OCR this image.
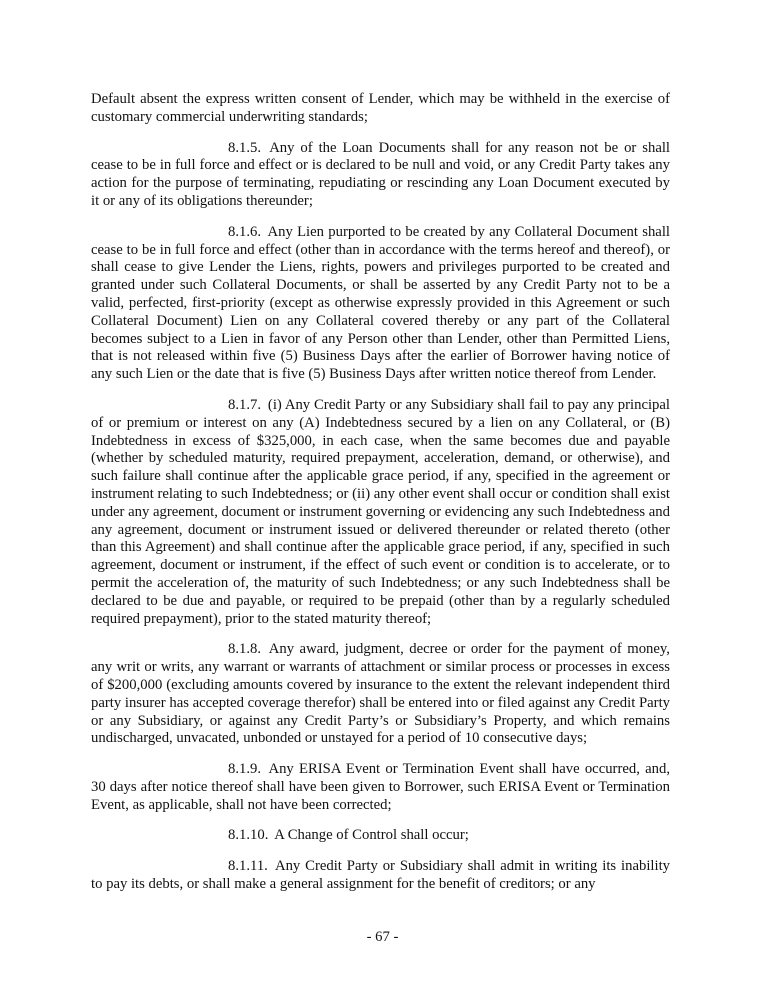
Default absent the express written consent of Lender, which may be withheld in the exercise of customary commercial underwriting standards;

8.1.5. Any of the Loan Documents shall for any reason not be or shall cease to be in full force and effect or is declared to be null and void, or any Credit Party takes any action for the purpose of terminating, repudiating or rescinding any Loan Document executed by it or any of its obligations thereunder;

8.1.6. Any Lien purported to be created by any Collateral Document shall cease to be in full force and effect (other than in accordance with the terms hereof and thereof), or shall cease to give Lender the Liens, rights, powers and privileges purported to be created and granted under such Collateral Documents, or shall be asserted by any Credit Party not to be a valid, perfected, first-priority (except as otherwise expressly provided in this Agreement or such Collateral Document) Lien on any Collateral covered thereby or any part of the Collateral becomes subject to a Lien in favor of any Person other than Lender, other than Permitted Liens, that is not released within five (5) Business Days after the earlier of Borrower having notice of any such Lien or the date that is five (5) Business Days after written notice thereof from Lender.

8.1.7. (i) Any Credit Party or any Subsidiary shall fail to pay any principal of or premium or interest on any (A) Indebtedness secured by a lien on any Collateral, or (B) Indebtedness in excess of $325,000, in each case, when the same becomes due and payable (whether by scheduled maturity, required prepayment, acceleration, demand, or otherwise), and such failure shall continue after the applicable grace period, if any, specified in the agreement or instrument relating to such Indebtedness; or (ii) any other event shall occur or condition shall exist under any agreement, document or instrument governing or evidencing any such Indebtedness and any agreement, document or instrument issued or delivered thereunder or related thereto (other than this Agreement) and shall continue after the applicable grace period, if any, specified in such agreement, document or instrument, if the effect of such event or condition is to accelerate, or to permit the acceleration of, the maturity of such Indebtedness; or any such Indebtedness shall be declared to be due and payable, or required to be prepaid (other than by a regularly scheduled required prepayment), prior to the stated maturity thereof;

8.1.8. Any award, judgment, decree or order for the payment of money, any writ or writs, any warrant or warrants of attachment or similar process or processes in excess of $200,000 (excluding amounts covered by insurance to the extent the relevant independent third party insurer has accepted coverage therefor) shall be entered into or filed against any Credit Party or any Subsidiary, or against any Credit Party’s or Subsidiary’s Property, and which remains undischarged, unvacated, unbonded or unstayed for a period of 10 consecutive days;

8.1.9. Any ERISA Event or Termination Event shall have occurred, and, 30 days after notice thereof shall have been given to Borrower, such ERISA Event or Termination Event, as applicable, shall not have been corrected;

8.1.10. A Change of Control shall occur;

8.1.11. Any Credit Party or Subsidiary shall admit in writing its inability to pay its debts, or shall make a general assignment for the benefit of creditors; or any

- 67 -
